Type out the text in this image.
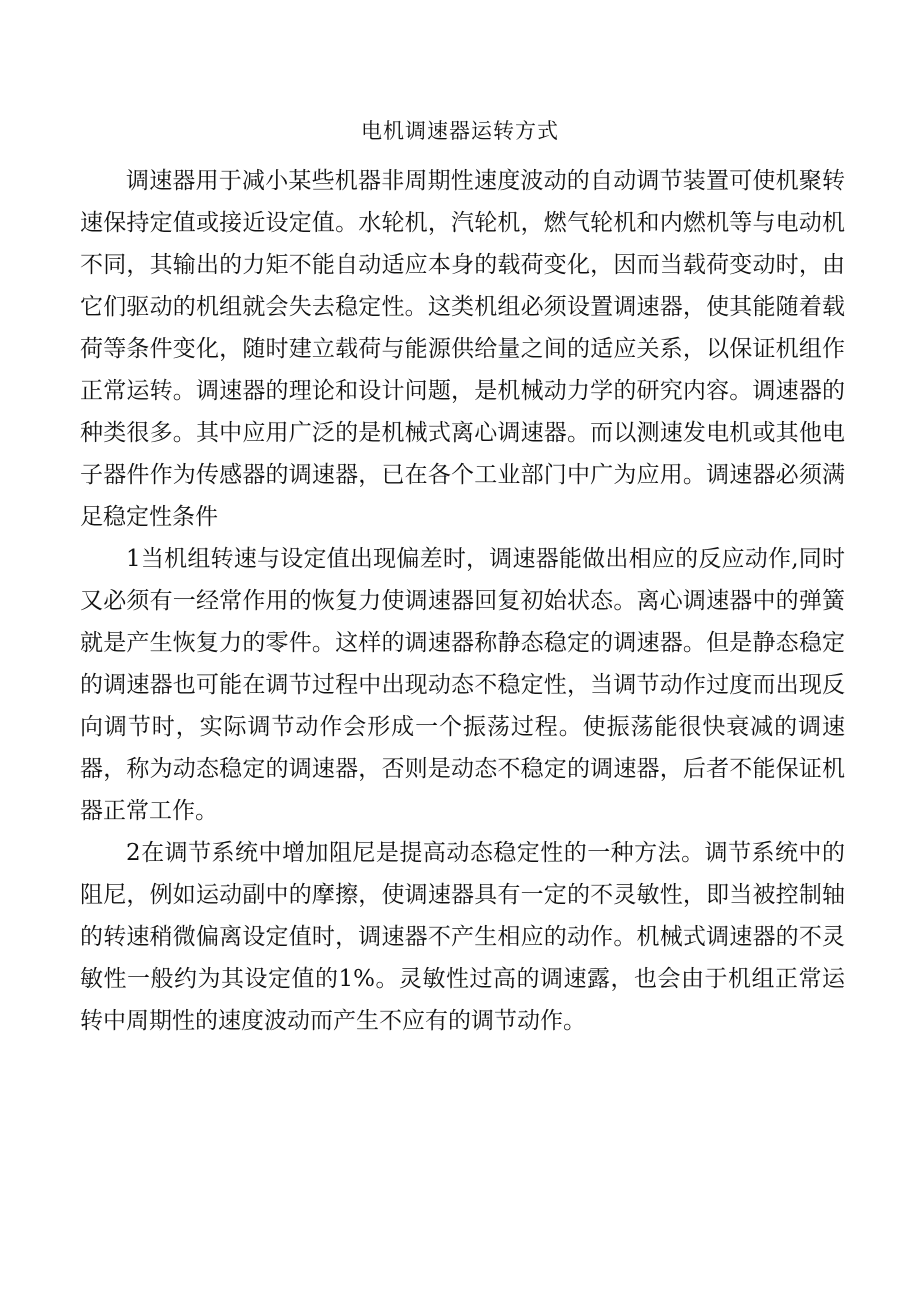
电机调速器运转方式

调速器用于减小某些机器非周期性速度波动的自动调节装置可使机聚转速保持定值或接近设定值。水轮机，汽轮机，燃气轮机和内燃机等与电动机不同，其输出的力矩不能自动适应本身的载荷变化，因而当载荷变动时，由它们驱动的机组就会失去稳定性。这类机组必须设置调速器，使其能随着载荷等条件变化，随时建立载荷与能源供给量之间的适应关系，以保证机组作正常运转。调速器的理论和设计问题，是机械动力学的研究内容。调速器的种类很多。其中应用广泛的是机械式离心调速器。而以测速发电机或其他电子器件作为传感器的调速器，已在各个工业部门中广为应用。调速器必须满足稳定性条件

1当机组转速与设定值出现偏差时，调速器能做出相应的反应动作,同时又必须有一经常作用的恢复力使调速器回复初始状态。离心调速器中的弹簧就是产生恢复力的零件。这样的调速器称静态稳定的调速器。但是静态稳定的调速器也可能在调节过程中出现动态不稳定性，当调节动作过度而出现反向调节时，实际调节动作会形成一个振荡过程。使振荡能很快衰减的调速器，称为动态稳定的调速器，否则是动态不稳定的调速器，后者不能保证机器正常工作。

2在调节系统中增加阻尼是提高动态稳定性的一种方法。调节系统中的阻尼，例如运动副中的摩擦，使调速器具有一定的不灵敏性，即当被控制轴的转速稍微偏离设定值时，调速器不产生相应的动作。机械式调速器的不灵敏性一般约为其设定值的1%。灵敏性过高的调速露，也会由于机组正常运转中周期性的速度波动而产生不应有的调节动作。
